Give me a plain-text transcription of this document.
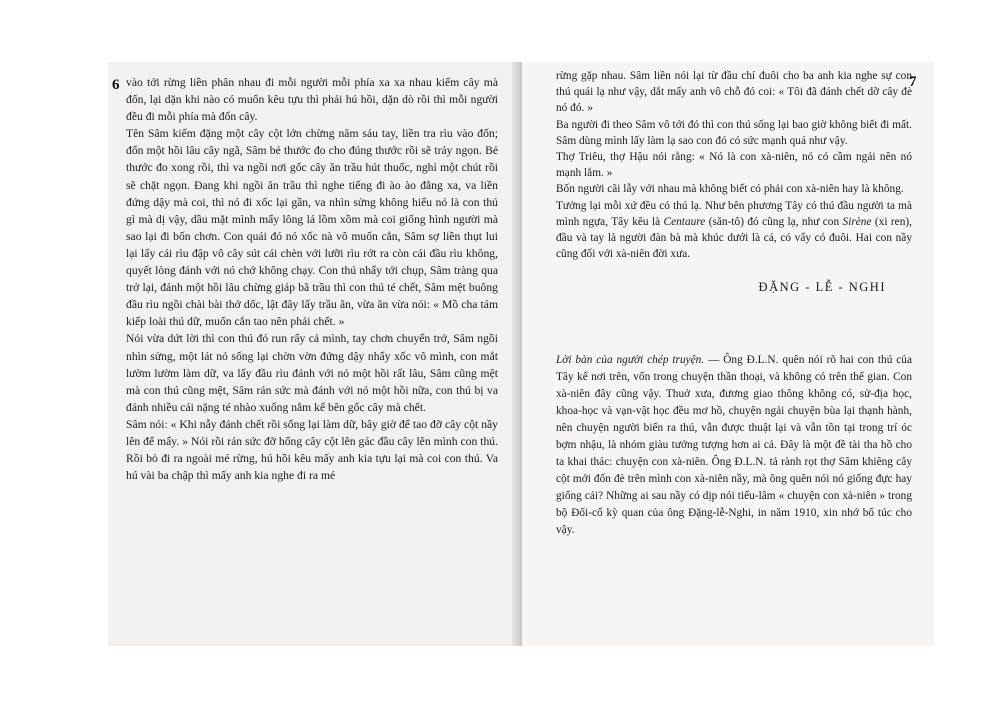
vào tới rừng liền phân nhau đi mỗi người mỗi phía xa xa nhau kiếm cây mà đốn, lại dặn khi nào có muốn kêu tựu thì phải hú hồi, dặn dò rồi thì mỗi người đều đi mỗi phía mà đốn cây.

Tên Sâm kiếm đặng một cây cột lớn chừng năm sáu tay, liền tra rìu vào đốn; đốn một hồi lâu cây ngã, Sâm bẻ thước đo cho đúng thước rồi sẽ trảy ngọn. Bẻ thước đo xong rồi, thì va ngồi nơi gốc cây ăn trầu hút thuốc, nghỉ một chút rồi sẽ chặt ngọn. Đang khi ngồi ăn trầu thì nghe tiếng đi ào ào đằng xa, va liền đứng dậy mà coi, thì nó đi xốc lại gần, va nhìn sửng không hiểu nó là con thú gì mà dị vậy, dầu mặt mình mẩy lông lá lồm xồm mà coi giống hình người mà sao lại đi bốn chơn. Con quái đó nó xốc nà vô muốn cắn, Sâm sợ liền thụt lui lại lấy cái rìu đập vô cây sút cái chèn với lưỡi rìu rớt ra còn cái đầu rìu không, quyết lòng đánh với nó chớ không chạy. Con thú nhẩy tới chụp, Sâm tràng qua trở lại, đánh một hồi lâu chừng giáp bã trầu thì con thú té chết, Sâm mệt buông đầu rìu ngồi chài bài thở dốc, lật đây lấy trầu ăn, vừa ăn vừa nói: « Mồ cha tám kiếp loài thú dữ, muốn cắn tao nên phải chết. »

Nói vừa dứt lời thì con thú đó run rẩy cả mình, tay chơn chuyển trở, Sâm ngồi nhìn sửng, một lát nó sống lại chờn vờn đứng dậy nhẩy xốc vô mình, con mắt lườm lườm làm dữ, va lấy đầu rìu đánh với nó một hồi rất lâu, Sâm cũng mệt mà con thú cũng mệt, Sâm rán sức mà đánh với nó một hồi nữa, con thú bị va đánh nhiều cái nặng té nhào xuống nằm kế bên gốc cây mà chết.

Sâm nói: « Khi nẫy đánh chết rồi sống lại làm dữ, bây giờ để tao đỡ cây cột nầy lên để mẩy. » Nói rồi rán sức đỡ hổng cây cột lên gác đầu cây lên mình con thú. Rồi bỏ đi ra ngoài mé rừng, hú hồi kêu mấy anh kia tựu lại mà coi con thú. Va hú vài ba chập thì mấy anh kia nghe đi ra mé

rừng gặp nhau. Sâm liền nói lại từ đầu chí đuôi cho ba anh kia nghe sự con thú quái lạ như vậy, dắt mấy anh vô chỗ đó coi: « Tôi đã đánh chết dỡ cây đè nó đó. »

Ba người đi theo Sâm vô tới đó thì con thú sống lại bao giờ không biết đi mất. Sâm dùng mình lấy làm lạ sao con đó có sức mạnh quá như vậy.

Thợ Triêu, thợ Hậu nói rằng: « Nó là con xà-niên, nó có cầm ngải nên nó mạnh lắm. »

Bốn người cãi lẫy với nhau mà không biết có phải con xà-niên hay là không.

Tưởng lại mỗi xứ đều có thú lạ. Như bên phương Tây có thú đầu người ta mà mình ngựa, Tây kêu là Centaure (săn-tô) đó cũng lạ, như con Sirène (xi ren), đầu và tay là người đàn bà mà khúc dưới là cá, có vẩy có đuôi. Hai con nầy cũng đối với xà-niên đời xưa.

ĐẶNG - LỄ - NGHI

Lời bàn của người chép truyện. — Ông Đ.L.N. quên nói rõ hai con thú của Tây kể nơi trên, vốn trong chuyện thần thoại, và không có trên thế gian. Con xà-niên đây cũng vậy. Thuở xưa, đương giao thông không có, sử-địa học, khoa-học và vạn-vật học đều mơ hồ, chuyện ngải chuyện bùa lại thạnh hành, nên chuyện người biến ra thú, vẫn được thuật lại và vẫn tồn tại trong trí óc bợm nhậu, là nhóm giàu tưởng tượng hơn ai cả. Đây là một đề tài tha hồ cho ta khai thác: chuyện con xà-niên. Ông Đ.L.N. tả rành rọt thợ Sâm khiêng cây cột mới đốn đè trên mình con xà-niên nầy, mà ông quên nói nó giống đực hay giống cái? Những ai sau nầy có dịp nói tiếu-lâm « chuyện con xà-niên » trong bộ Đối-cổ kỳ quan của ông Đặng-lễ-Nghi, in năm 1910, xin nhớ bổ túc cho vậy.

6	7
